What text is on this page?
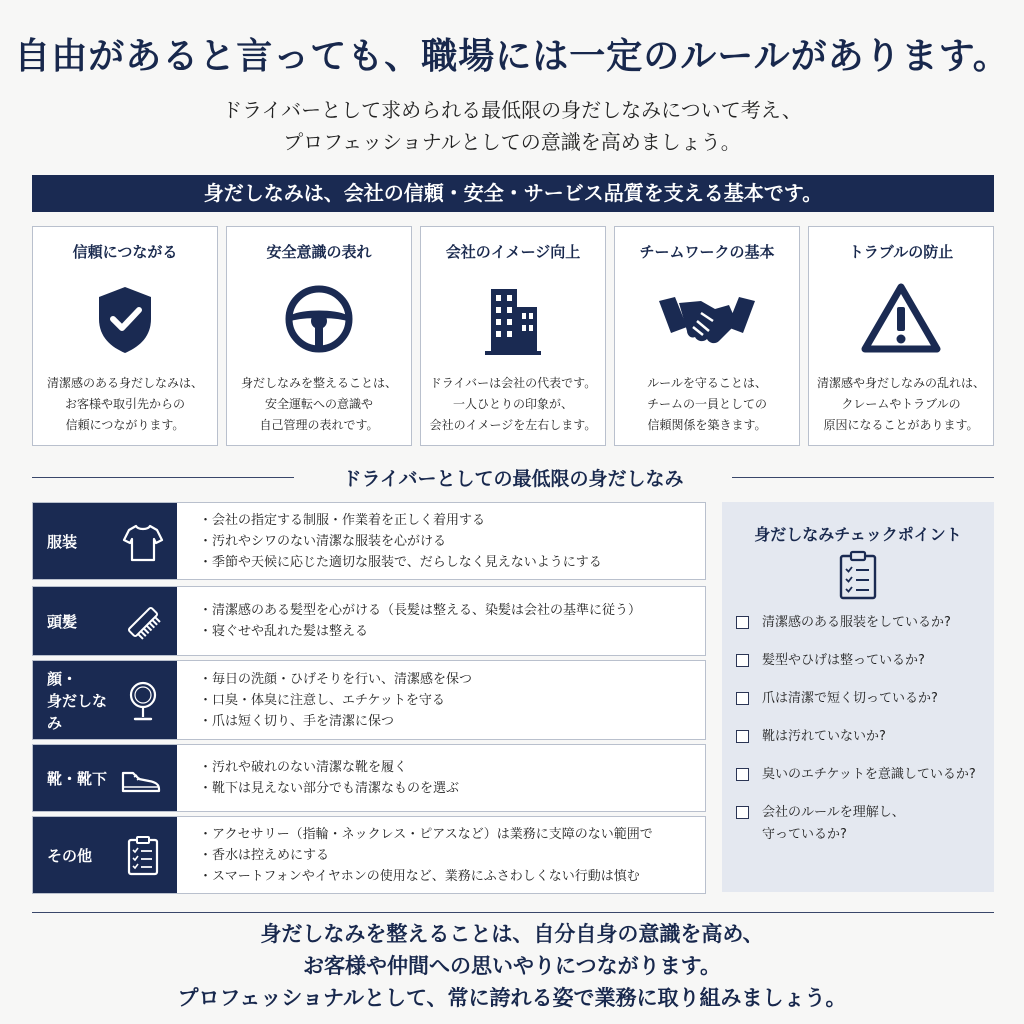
自由があると言っても、職場には一定のルールがあります。
ドライバーとして求められる最低限の身だしなみについて考え、
プロフェッショナルとしての意識を高めましょう。
身だしなみは、会社の信頼・安全・サービス品質を支える基本です。
信頼につながる
清潔感のある身だしなみは、
お客様や取引先からの
信頼につながります。
安全意識の表れ
身だしなみを整えることは、
安全運転への意識や
自己管理の表れです。
会社のイメージ向上
ドライバーは会社の代表です。
一人ひとりの印象が、
会社のイメージを左右します。
チームワークの基本
ルールを守ることは、
チームの一員としての
信頼関係を築きます。
トラブルの防止
清潔感や身だしなみの乱れは、
クレームやトラブルの
原因になることがあります。
ドライバーとしての最低限の身だしなみ
服装
・会社の指定する制服・作業着を正しく着用する
・汚れやシワのない清潔な服装を心がける
・季節や天候に応じた適切な服装で、だらしなく見えないようにする
頭髪
・清潔感のある髪型を心がける（長髪は整える、染髪は会社の基準に従う）
・寝ぐせや乱れた髪は整える
顔・
身だしな
み
・毎日の洗顔・ひげそりを行い、清潔感を保つ
・口臭・体臭に注意し、エチケットを守る
・爪は短く切り、手を清潔に保つ
靴・靴下
・汚れや破れのない清潔な靴を履く
・靴下は見えない部分でも清潔なものを選ぶ
その他
・アクセサリー（指輪・ネックレス・ピアスなど）は業務に支障のない範囲で
・香水は控えめにする
・スマートフォンやイヤホンの使用など、業務にふさわしくない行動は慎む
身だしなみチェックポイント
清潔感のある服装をしているか?
髪型やひげは整っているか?
爪は清潔で短く切っているか?
靴は汚れていないか?
臭いのエチケットを意識しているか?
会社のルールを理解し、
守っているか?
身だしなみを整えることは、自分自身の意識を高め、
お客様や仲間への思いやりにつながります。
プロフェッショナルとして、常に誇れる姿で業務に取り組みましょう。
